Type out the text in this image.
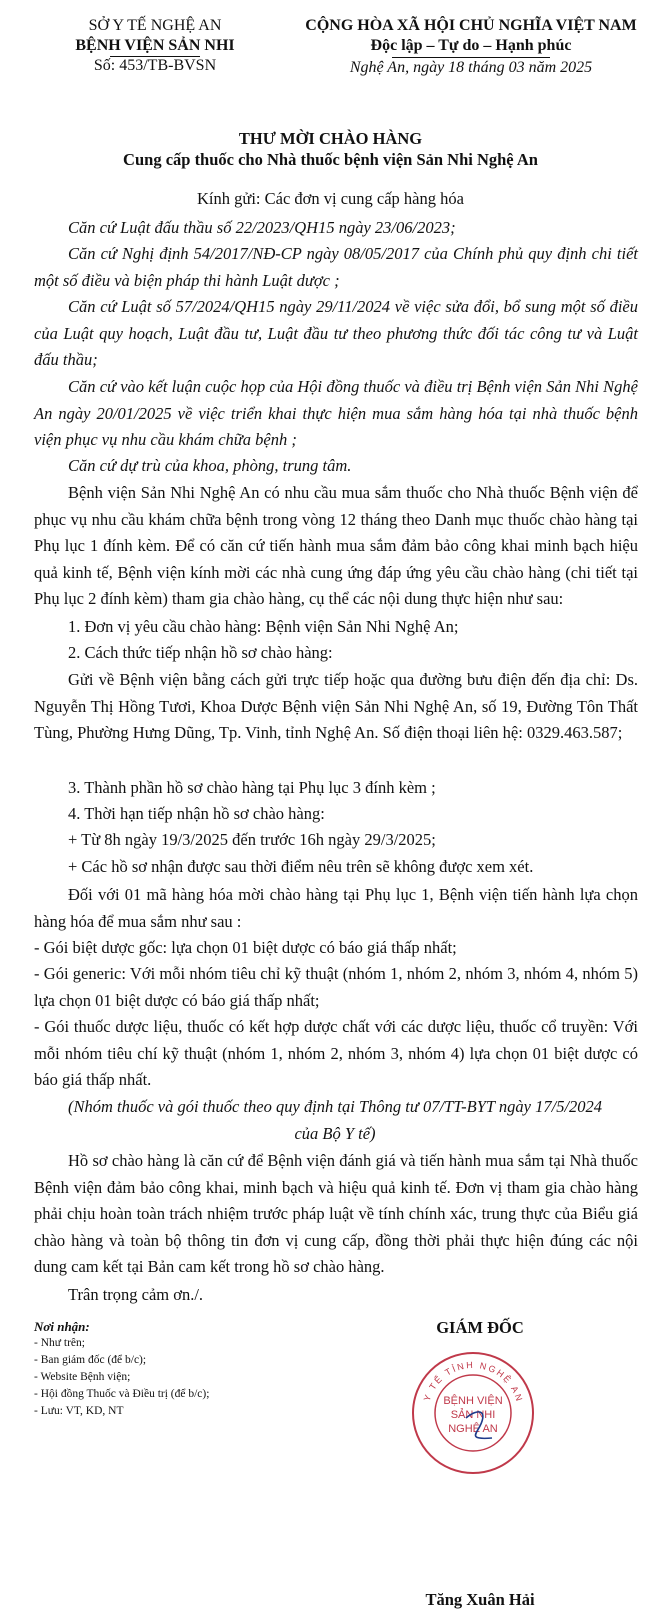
SỞ Y TẾ NGHỆ AN
BỆNH VIỆN SẢN NHI
Số: 453/TB-BVSN
CỘNG HÒA XÃ HỘI CHỦ NGHĨA VIỆT NAM
Độc lập – Tự do – Hạnh phúc
Nghệ An, ngày 18 tháng 03 năm 2025
THƯ MỜI CHÀO HÀNG
Cung cấp thuốc cho Nhà thuốc bệnh viện Sản Nhi Nghệ An
Kính gửi: Các đơn vị cung cấp hàng hóa
Căn cứ Luật đấu thầu số 22/2023/QH15 ngày 23/06/2023;
Căn cứ Nghị định 54/2017/NĐ-CP ngày 08/05/2017 của Chính phủ quy định chi tiết một số điều và biện pháp thi hành Luật dược ;
Căn cứ Luật số 57/2024/QH15 ngày 29/11/2024 về việc sửa đổi, bổ sung một số điều của Luật quy hoạch, Luật đầu tư, Luật đầu tư theo phương thức đối tác công tư và Luật đấu thầu;
Căn cứ vào kết luận cuộc họp của Hội đồng thuốc và điều trị Bệnh viện Sản Nhi Nghệ An ngày 20/01/2025 về việc triển khai thực hiện mua sắm hàng hóa tại nhà thuốc bệnh viện phục vụ nhu cầu khám chữa bệnh ;
Căn cứ dự trù của khoa, phòng, trung tâm.
Bệnh viện Sản Nhi Nghệ An có nhu cầu mua sắm thuốc cho Nhà thuốc Bệnh viện để phục vụ nhu cầu khám chữa bệnh trong vòng 12 tháng theo Danh mục thuốc chào hàng tại Phụ lục 1 đính kèm. Để có căn cứ tiến hành mua sắm đảm bảo công khai minh bạch hiệu quả kinh tế, Bệnh viện kính mời các nhà cung ứng đáp ứng yêu cầu chào hàng (chi tiết tại Phụ lục 2 đính kèm) tham gia chào hàng, cụ thể các nội dung thực hiện như sau:
1. Đơn vị yêu cầu chào hàng: Bệnh viện Sản Nhi Nghệ An;
2. Cách thức tiếp nhận hồ sơ chào hàng:
Gửi về Bệnh viện bằng cách gửi trực tiếp hoặc qua đường bưu điện đến địa chỉ: Ds. Nguyễn Thị Hồng Tươi, Khoa Dược Bệnh viện Sản Nhi Nghệ An, số 19, Đường Tôn Thất Tùng, Phường Hưng Dũng, Tp. Vinh, tỉnh Nghệ An. Số điện thoại liên hệ: 0329.463.587;
3. Thành phần hồ sơ chào hàng tại Phụ lục 3 đính kèm ;
4. Thời hạn tiếp nhận hồ sơ chào hàng:
+ Từ 8h ngày 19/3/2025 đến trước 16h ngày 29/3/2025;
+ Các hồ sơ nhận được sau thời điểm nêu trên sẽ không được xem xét.
Đối với 01 mã hàng hóa mời chào hàng tại Phụ lục 1, Bệnh viện tiến hành lựa chọn hàng hóa để mua sắm như sau :
- Gói biệt dược gốc: lựa chọn 01 biệt dược có báo giá thấp nhất;
- Gói generic: Với mỗi nhóm tiêu chỉ kỹ thuật (nhóm 1, nhóm 2, nhóm 3, nhóm 4, nhóm 5) lựa chọn 01 biệt dược có báo giá thấp nhất;
- Gói thuốc dược liệu, thuốc có kết hợp dược chất với các dược liệu, thuốc cổ truyền: Với mỗi nhóm tiêu chí kỹ thuật (nhóm 1, nhóm 2, nhóm 3, nhóm 4) lựa chọn 01 biệt dược có báo giá thấp nhất.
(Nhóm thuốc và gói thuốc theo quy định tại Thông tư 07/TT-BYT ngày 17/5/2024
của Bộ Y tế)
Hồ sơ chào hàng là căn cứ để Bệnh viện đánh giá và tiến hành mua sắm tại Nhà thuốc Bệnh viện đảm bảo công khai, minh bạch và hiệu quả kinh tế. Đơn vị tham gia chào hàng phải chịu hoàn toàn trách nhiệm trước pháp luật về tính chính xác, trung thực của Biểu giá chào hàng và toàn bộ thông tin đơn vị cung cấp, đồng thời phải thực hiện đúng các nội dung cam kết tại Bản cam kết trong hồ sơ chào hàng.
Trân trọng cảm ơn./.
Nơi nhận:
- Như trên;
- Ban giám đốc (để b/c);
- Website Bệnh viện;
- Hội đồng Thuốc và Điều trị (để b/c);
- Lưu: VT, KD, NT
GIÁM ĐỐC
Y TẾ TỈNH NGHỆ AN
BỆNH VIỆN
SẢN NHI
NGHỆ AN
Tăng Xuân Hải
